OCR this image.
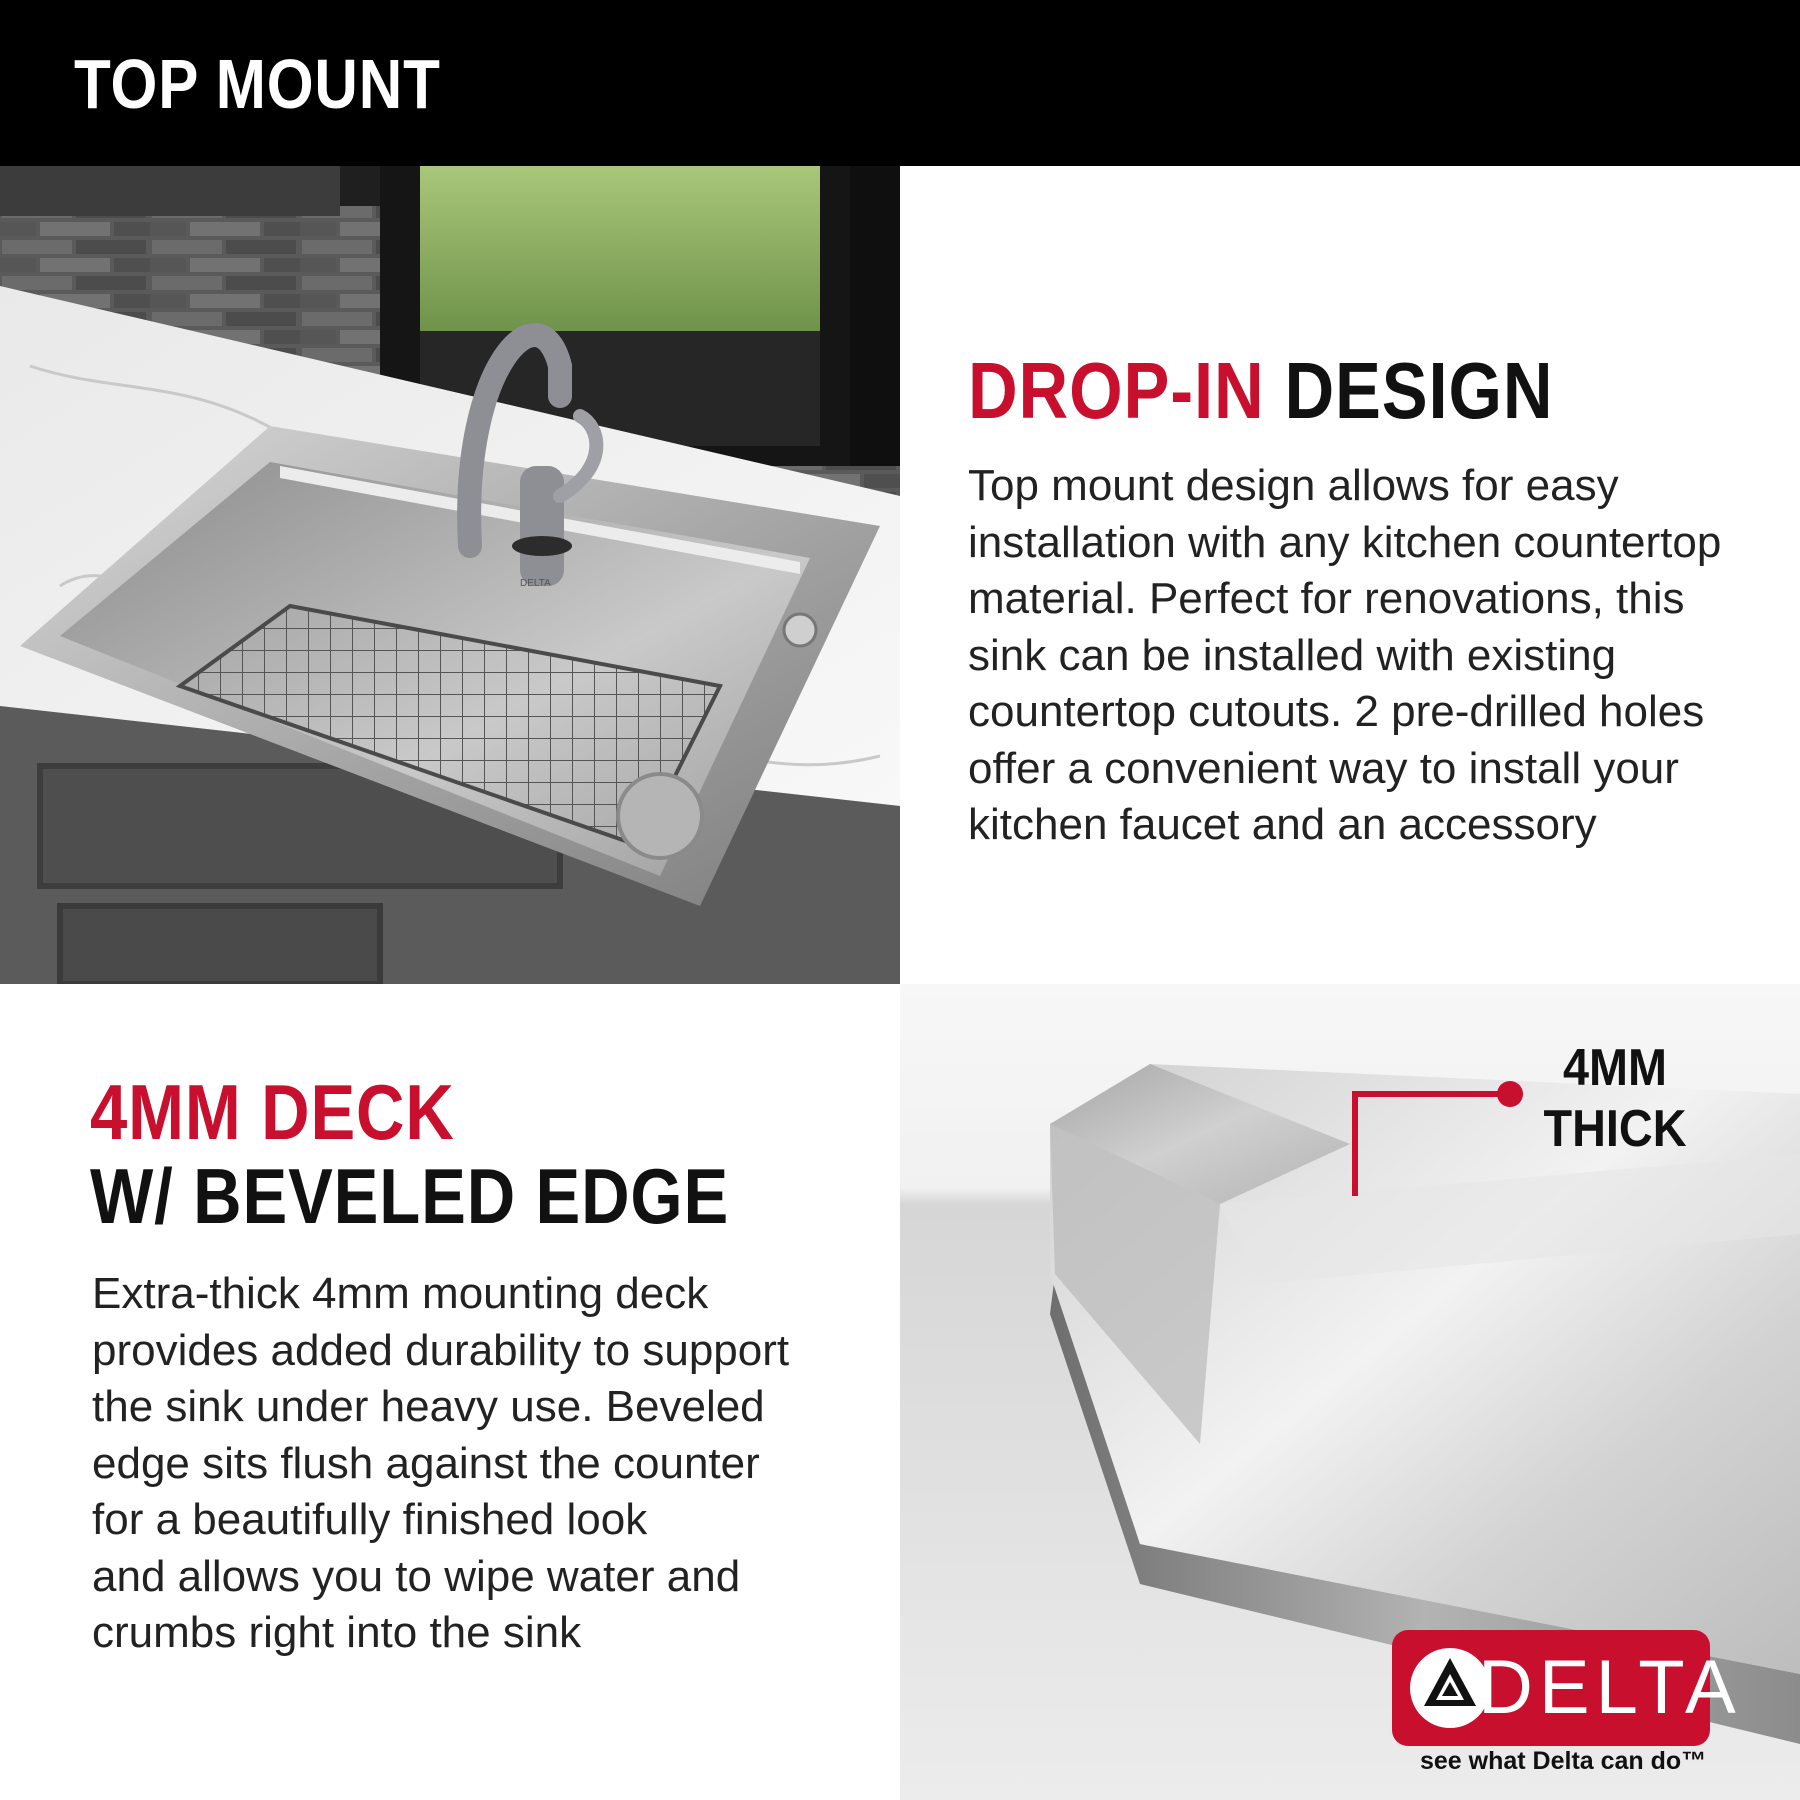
TOP MOUNT
DELTA
DROP-IN DESIGN
Top mount design allows for easy
installation with any kitchen countertop
material. Perfect for renovations, this
sink can be installed with existing
countertop cutouts. 2 pre-drilled holes
offer a convenient way to install your
kitchen faucet and an accessory
4MM DECK
W/ BEVELED EDGE
Extra-thick 4mm mounting deck
provides added durability to support
the sink under heavy use. Beveled
edge sits flush against the counter
for a beautifully finished look
and allows you to wipe water and
crumbs right into the sink
4MM
THICK
DELTA
see what Delta can do™
